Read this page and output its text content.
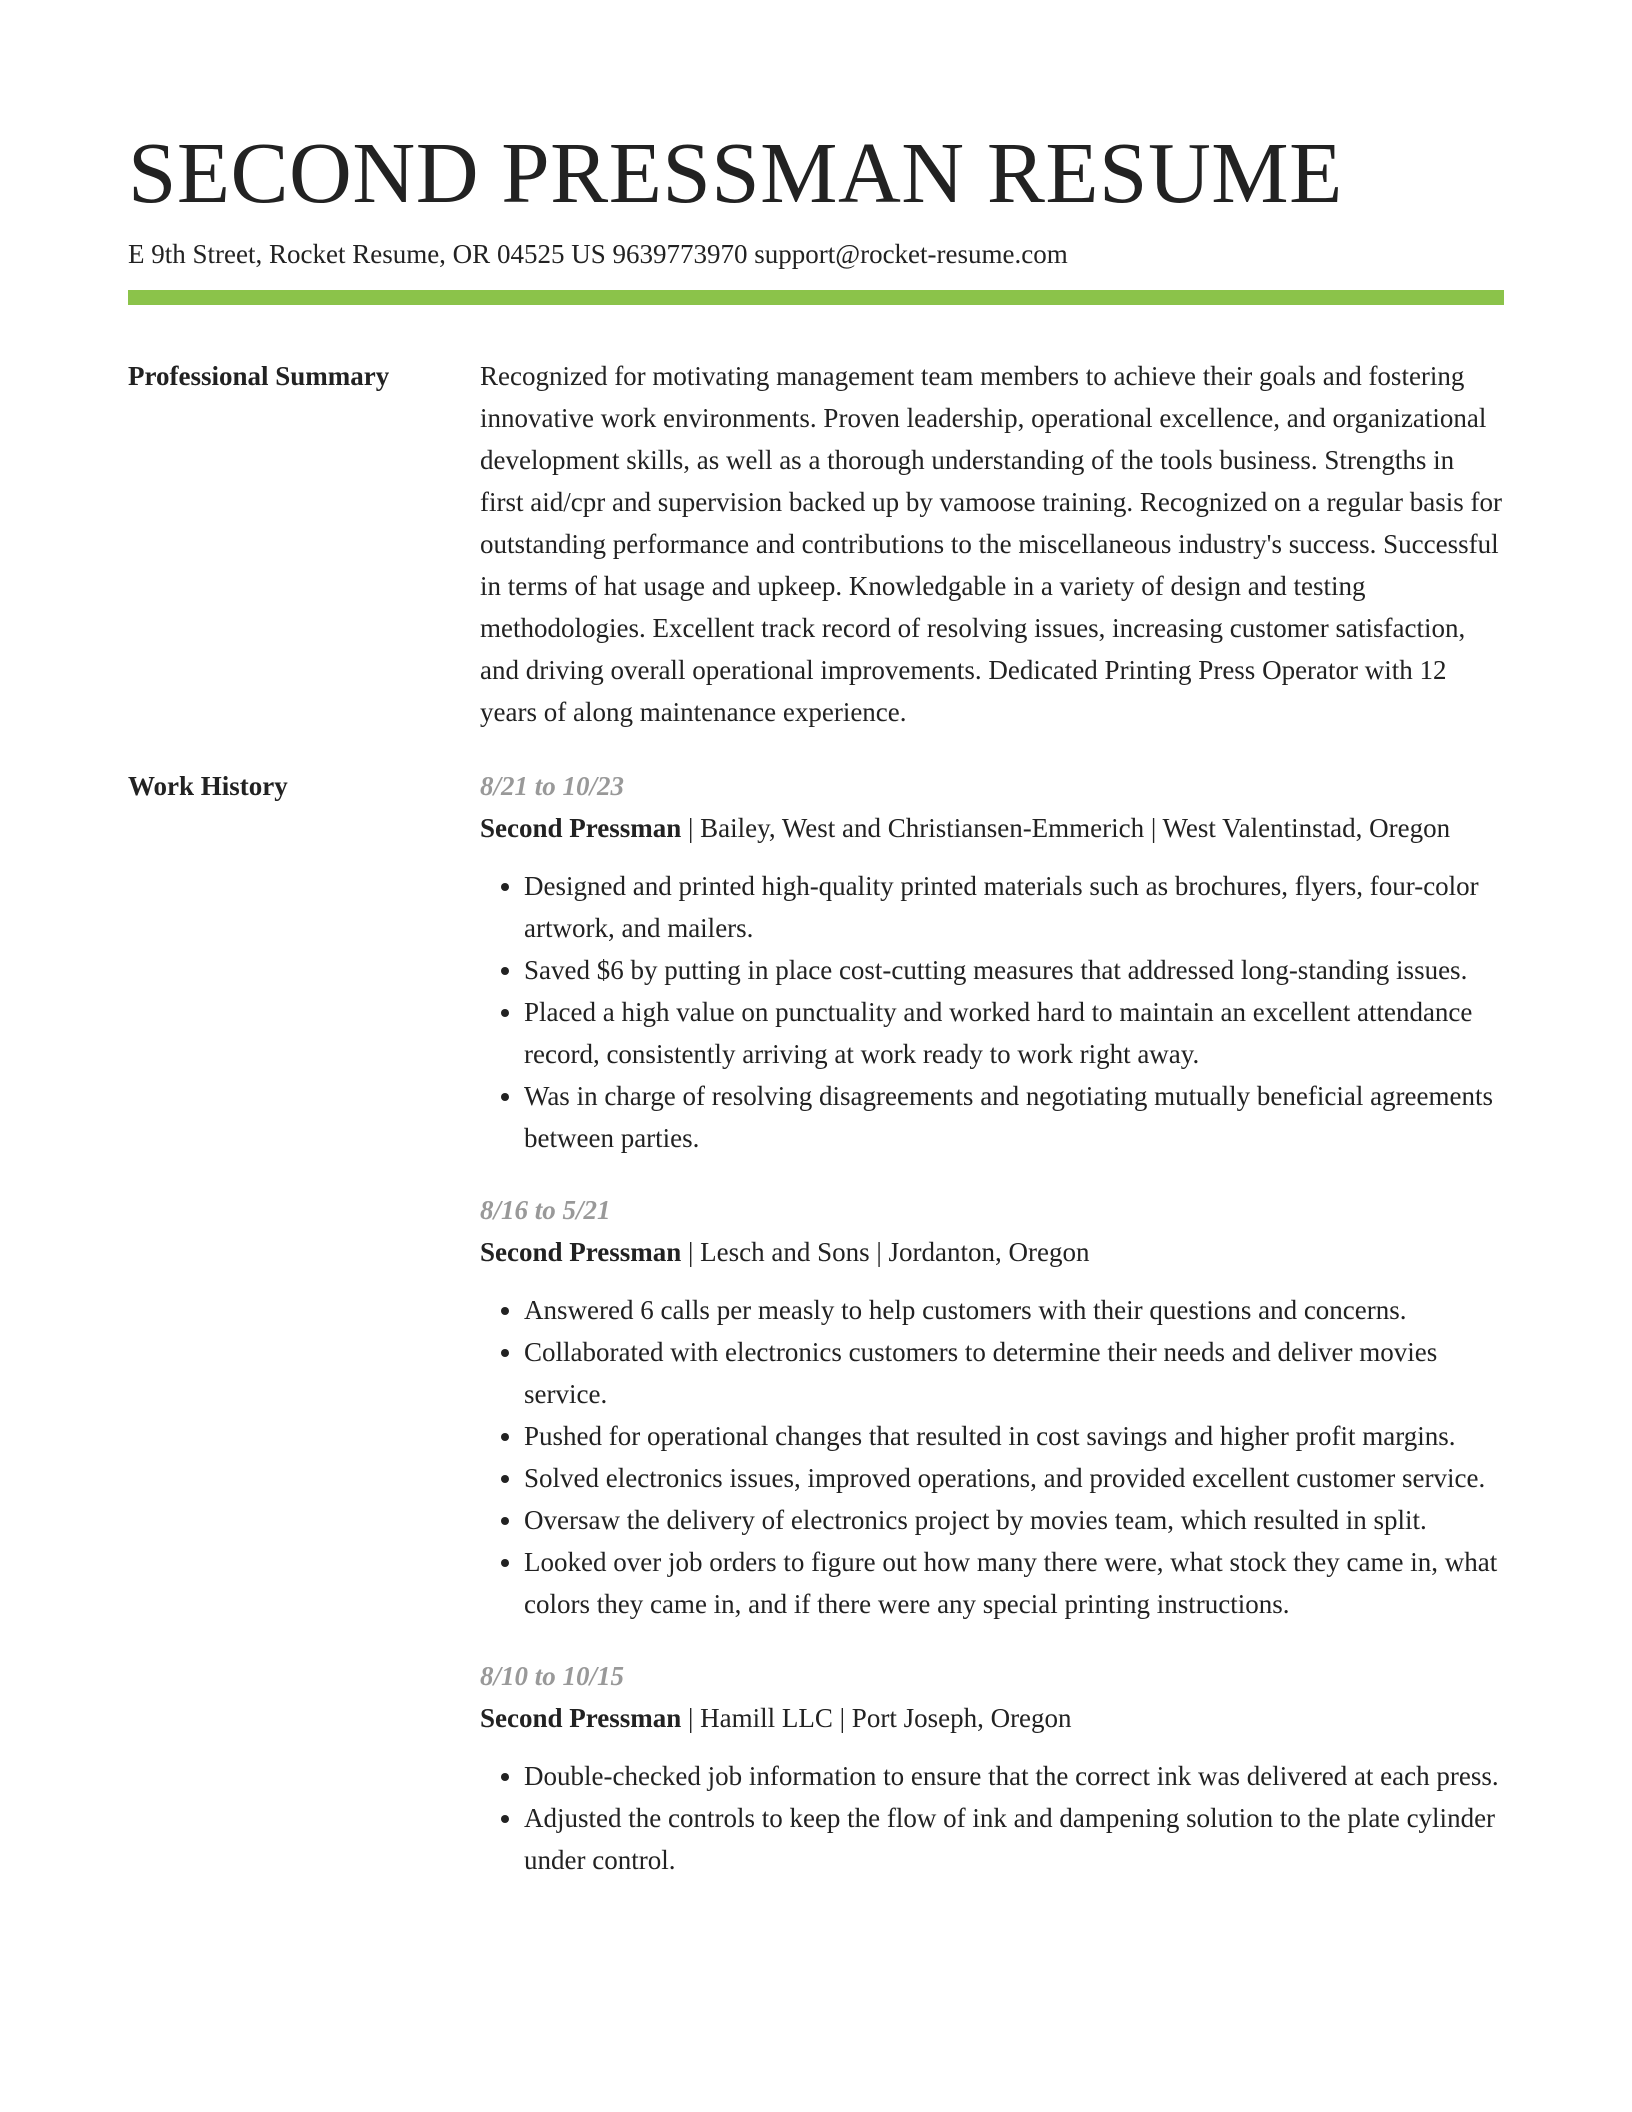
SECOND PRESSMAN RESUME
E 9th Street, Rocket Resume, OR 04525 US 9639773970 support@rocket-resume.com
Professional Summary	Recognized for motivating management team members to achieve their goals and fostering innovative work environments. Proven leadership, operational excellence, and organizational development skills, as well as a thorough understanding of the tools business. Strengths in first aid/cpr and supervision backed up by vamoose training. Recognized on a regular basis for outstanding performance and contributions to the miscellaneous industry's success. Successful in terms of hat usage and upkeep. Knowledgable in a variety of design and testing methodologies. Excellent track record of resolving issues, increasing customer satisfaction, and driving overall operational improvements. Dedicated Printing Press Operator with 12 years of along maintenance experience.

Work History	8/21 to 10/23
Second Pressman | Bailey, West and Christiansen-Emmerich | West Valentinstad, Oregon
• Designed and printed high-quality printed materials such as brochures, flyers, four-color artwork, and mailers.
• Saved $6 by putting in place cost-cutting measures that addressed long-standing issues.
• Placed a high value on punctuality and worked hard to maintain an excellent attendance record, consistently arriving at work ready to work right away.
• Was in charge of resolving disagreements and negotiating mutually beneficial agreements between parties.
8/16 to 5/21
Second Pressman | Lesch and Sons | Jordanton, Oregon
• Answered 6 calls per measly to help customers with their questions and concerns.
• Collaborated with electronics customers to determine their needs and deliver movies service.
• Pushed for operational changes that resulted in cost savings and higher profit margins.
• Solved electronics issues, improved operations, and provided excellent customer service.
• Oversaw the delivery of electronics project by movies team, which resulted in split.
• Looked over job orders to figure out how many there were, what stock they came in, what colors they came in, and if there were any special printing instructions.
8/10 to 10/15
Second Pressman | Hamill LLC | Port Joseph, Oregon
• Double-checked job information to ensure that the correct ink was delivered at each press.
• Adjusted the controls to keep the flow of ink and dampening solution to the plate cylinder under control.
